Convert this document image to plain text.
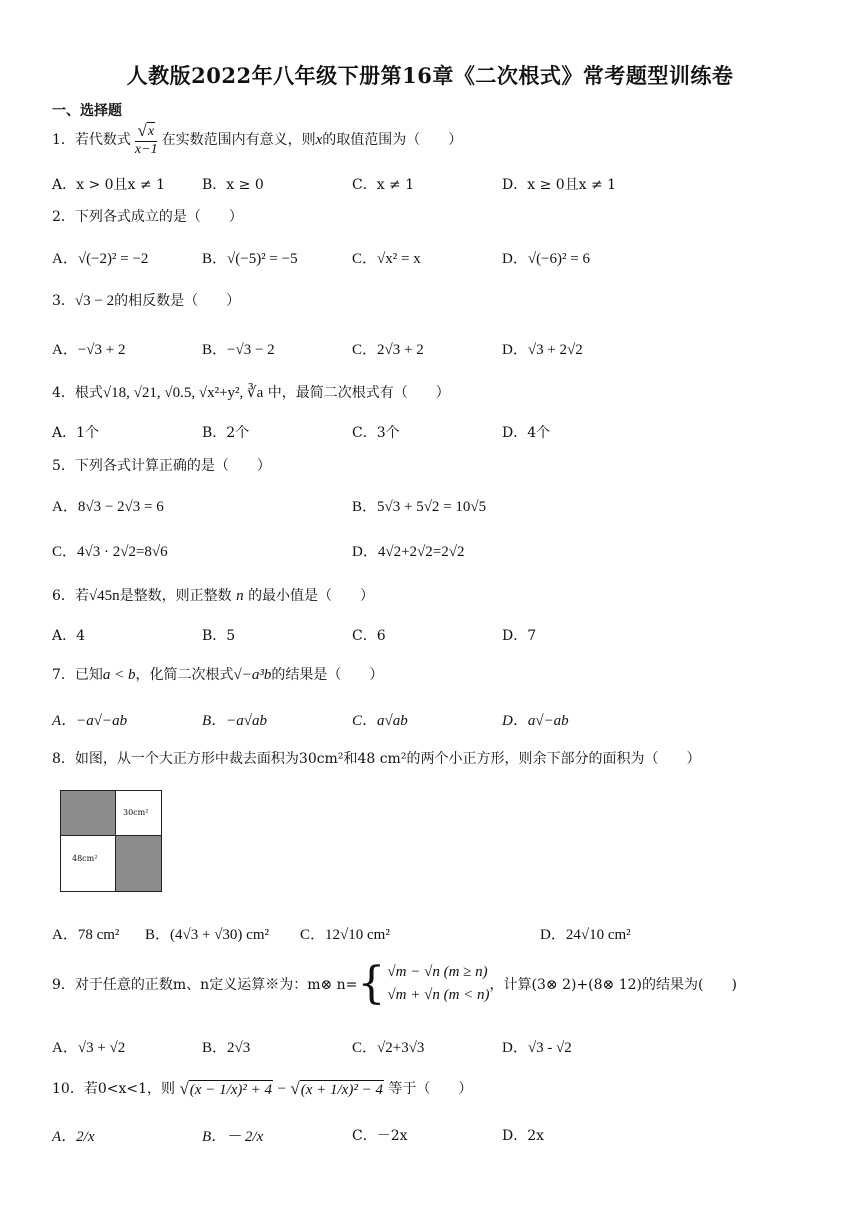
人教版2022年八年级下册第16章《二次根式》常考题型训练卷
一、选择题
1．若代数式 $\frac{√ x}{x-1}$ 在实数范围内有意义，则x的取值范围为（　　）
A．x > 0且x ≠ 1	B．x ≥ 0	C．x ≠ 1	D．x ≥ 0且x ≠ 1
2．下列各式成立的是（　　）
A．√(−2)² = −2	B．√(−5)² = −5	C．√x² = x	D．√(−6)² = 6
3．√3 − 2的相反数是（　　）
A．−√3 + 2	B．−√3 − 2	C．2√3 + 2	D．√3 + 2√2
4．根式√18, √21, √0.5, √x²+y², ∛a 中，最简二次根式有（　　）
A．1个	B．2个	C．3个	D．4个
5．下列各式计算正确的是（　　）
A．8√3 − 2√3 = 6	B．5√3 + 5√2 = 10√5
C．4√3 · 2√2=8√6	D．4√2+2√2=2√2
6．若√45n是整数，则正整数 n 的最小值是（　　）
A．4	B．5	C．6	D．7
7．已知a < b，化简二次根式√−a³b的结果是（　　）
A．−a√−ab	B．−a√ab	C．a√ab	D．a√−ab
8．如图，从一个大正方形中裁去面积为30cm²和48 cm²的两个小正方形，则余下部分的面积为（　　）
30cm²
48cm²
A．78 cm² B．(4√3 + √30) cm² C．12√10 cm²	D．24√10 cm²
9．对于任意的正数m、n定义运算※为：m⊗ n= { √m − √n (m ≥ n)
√m + √n (m < n)
，计算(3⊗ 2)+(8⊗ 12)的结果为(　　)
A．√3 + √2	B．2√3	C．√2+3√3	D．√3 - √2
10．若0<x<1，则 √ (x − 1/x)² + 4 − √ (x + 1/x)² − 4 等于（　　）
A．2/x	B．－ 2/x	C．－2x	D．2x
